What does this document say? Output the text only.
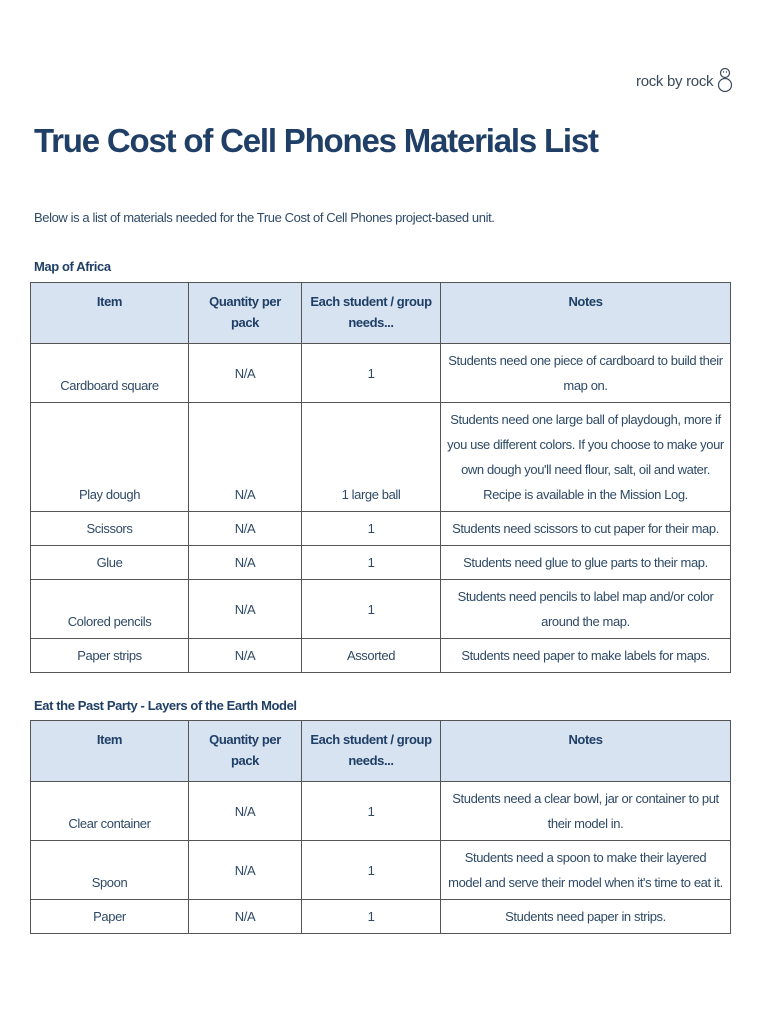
rock by rock
True Cost of Cell Phones Materials List

Below is a list of materials needed for the True Cost of Cell Phones project-based unit.

Map of Africa

Item	Quantity per pack	Each student / group needs...	Notes
Cardboard square	N/A	1	Students need one piece of cardboard to build their map on.
Play dough	N/A	1 large ball	Students need one large ball of playdough, more if you use different colors. If you choose to make your own dough you'll need flour, salt, oil and water. Recipe is available in the Mission Log.
Scissors	N/A	1	Students need scissors to cut paper for their map.
Glue	N/A	1	Students need glue to glue parts to their map.
Colored pencils	N/A	1	Students need pencils to label map and/or color around the map.
Paper strips	N/A	Assorted	Students need paper to make labels for maps.

Eat the Past Party - Layers of the Earth Model

Item	Quantity per pack	Each student / group needs...	Notes
Clear container	N/A	1	Students need a clear bowl, jar or container to put their model in.
Spoon	N/A	1	Students need a spoon to make their layered model and serve their model when it's time to eat it.
Paper	N/A	1	Students need paper in strips.
